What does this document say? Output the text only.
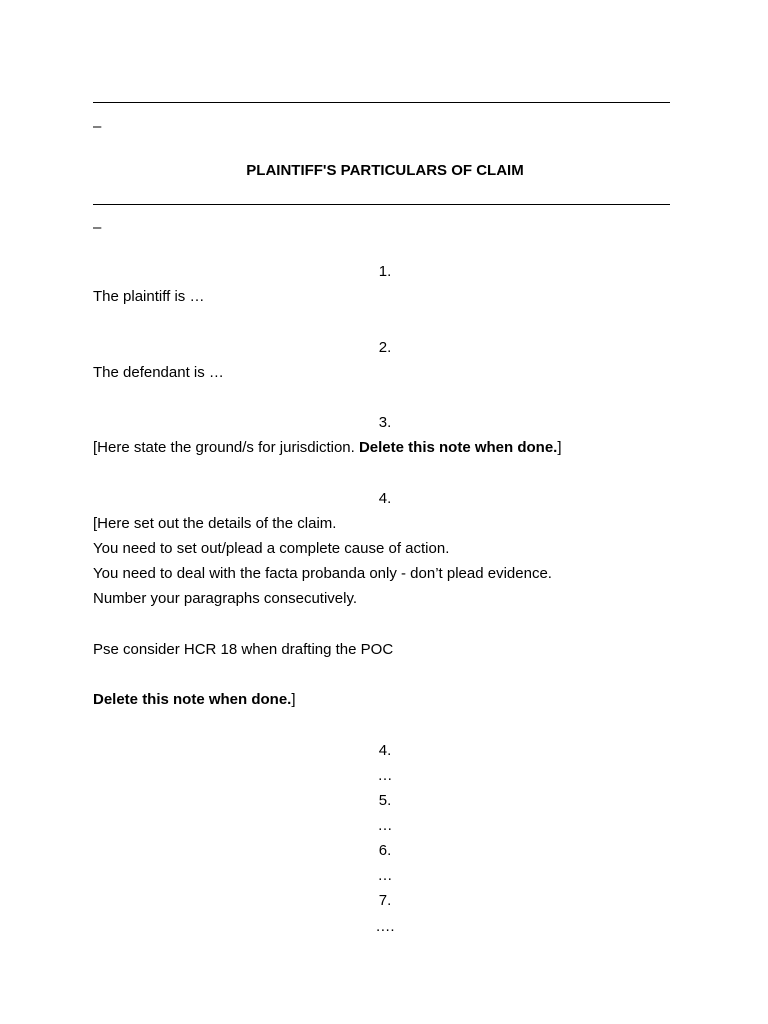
–
PLAINTIFF'S PARTICULARS OF CLAIM
–
1.
The plaintiff is …
2.
The defendant is …
3.
[Here state the ground/s for jurisdiction. Delete this note when done.]
4.
[Here set out the details of the claim.
You need to set out/plead a complete cause of action.
You need to deal with the facta probanda only - don’t plead evidence.
Number your paragraphs consecutively.
Pse consider HCR 18 when drafting the POC
Delete this note when done.]
4.
…
5.
…
6.
…
7.
….
